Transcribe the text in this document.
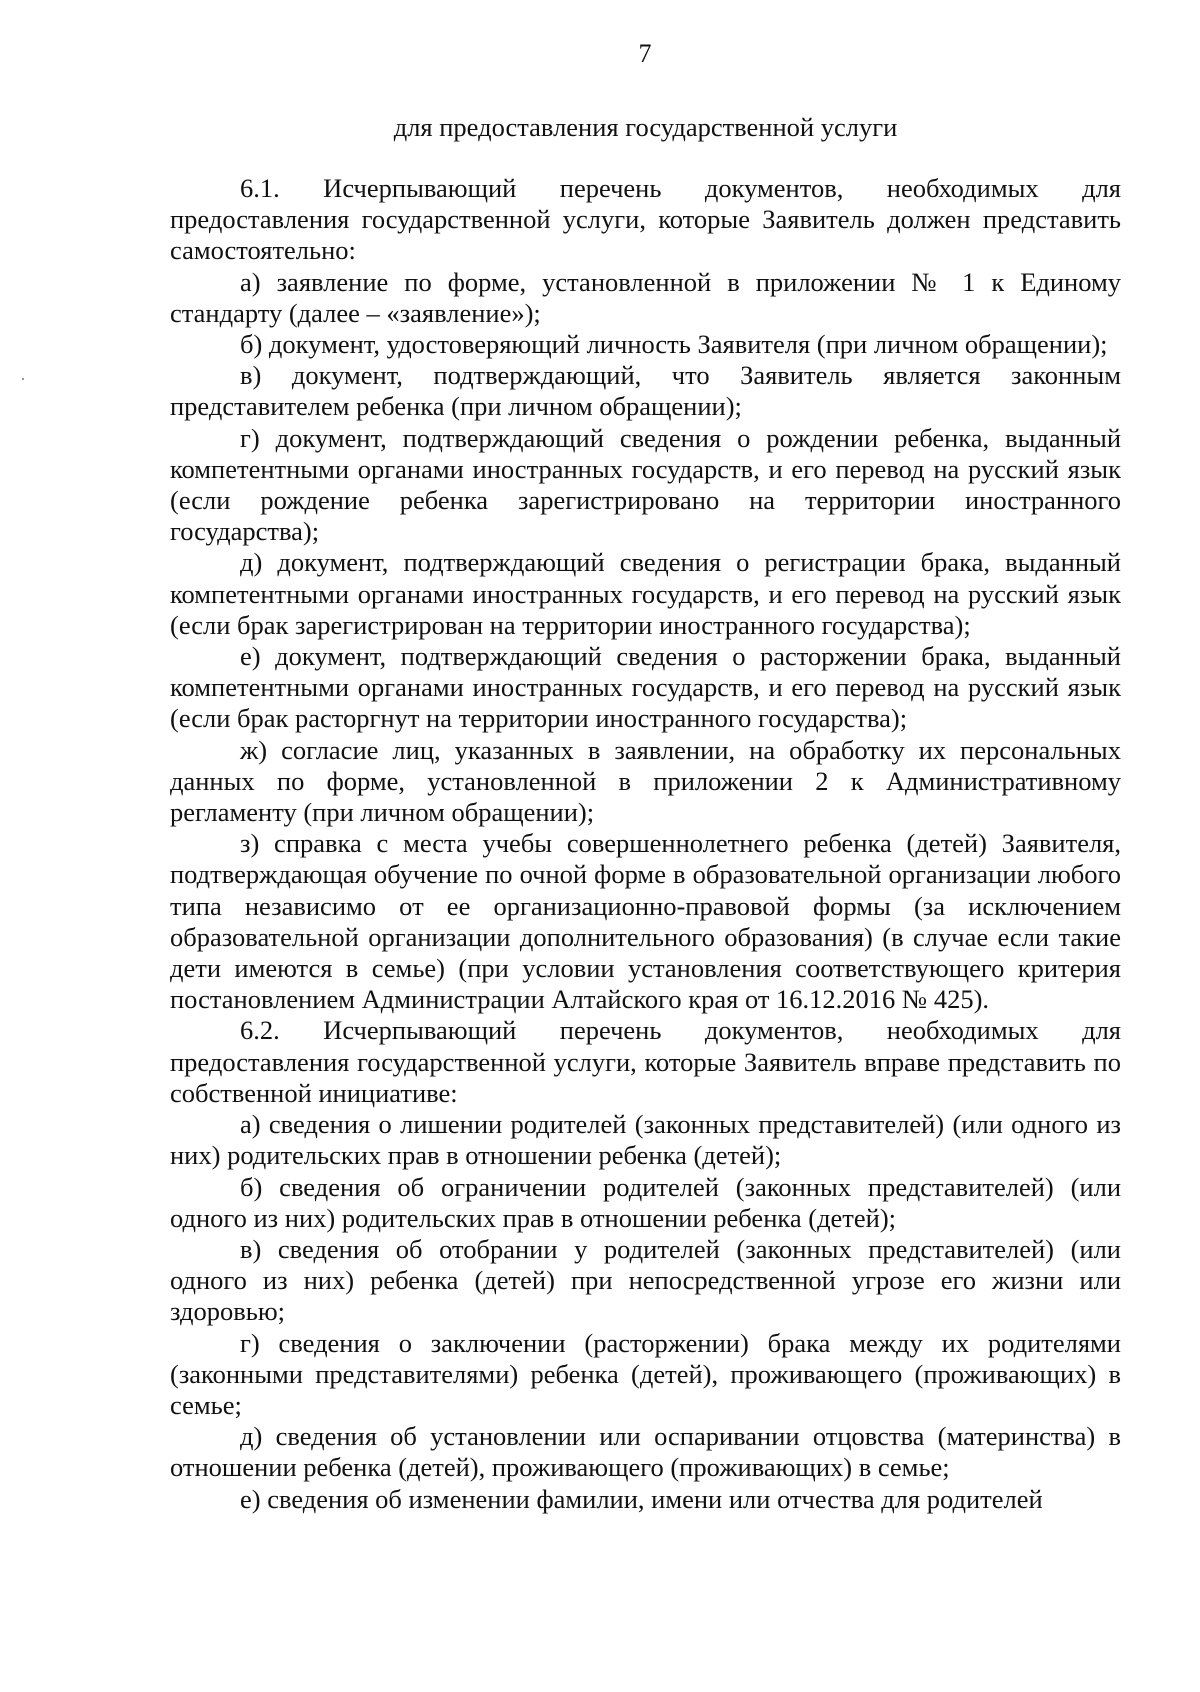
7
для предоставления государственной услуги

6.1. Исчерпывающий перечень документов, необходимых для предоставления государственной услуги, которые Заявитель должен представить самостоятельно:

а) заявление по форме, установленной в приложении № 1 к Единому стандарту (далее – «заявление»);

б) документ, удостоверяющий личность Заявителя (при личном обращении);

в) документ, подтверждающий, что Заявитель является законным представителем ребенка (при личном обращении);

г) документ, подтверждающий сведения о рождении ребенка, выданный компетентными органами иностранных государств, и его перевод на русский язык (если рождение ребенка зарегистрировано на территории иностранного государства);

д) документ, подтверждающий сведения о регистрации брака, выданный компетентными органами иностранных государств, и его перевод на русский язык (если брак зарегистрирован на территории иностранного государства);

е) документ, подтверждающий сведения о расторжении брака, выданный компетентными органами иностранных государств, и его перевод на русский язык (если брак расторгнут на территории иностранного государства);

ж) согласие лиц, указанных в заявлении, на обработку их персональных данных по форме, установленной в приложении 2 к Административному регламенту (при личном обращении);

з) справка с места учебы совершеннолетнего ребенка (детей) Заявителя, подтверждающая обучение по очной форме в образовательной организации любого типа независимо от ее организационно-правовой формы (за исключением образовательной организации дополнительного образования) (в случае если такие дети имеются в семье) (при условии установления соответствующего критерия постановлением Администрации Алтайского края от 16.12.2016 № 425).

6.2. Исчерпывающий перечень документов, необходимых для предоставления государственной услуги, которые Заявитель вправе представить по собственной инициативе:

а) сведения о лишении родителей (законных представителей) (или одного из них) родительских прав в отношении ребенка (детей);

б) сведения об ограничении родителей (законных представителей) (или одного из них) родительских прав в отношении ребенка (детей);

в) сведения об отобрании у родителей (законных представителей) (или одного из них) ребенка (детей) при непосредственной угрозе его жизни или здоровью;

г) сведения о заключении (расторжении) брака между их родителями (законными представителями) ребенка (детей), проживающего (проживающих) в семье;

д) сведения об установлении или оспаривании отцовства (материнства) в отношении ребенка (детей), проживающего (проживающих) в семье;

е) сведения об изменении фамилии, имени или отчества для родителей
